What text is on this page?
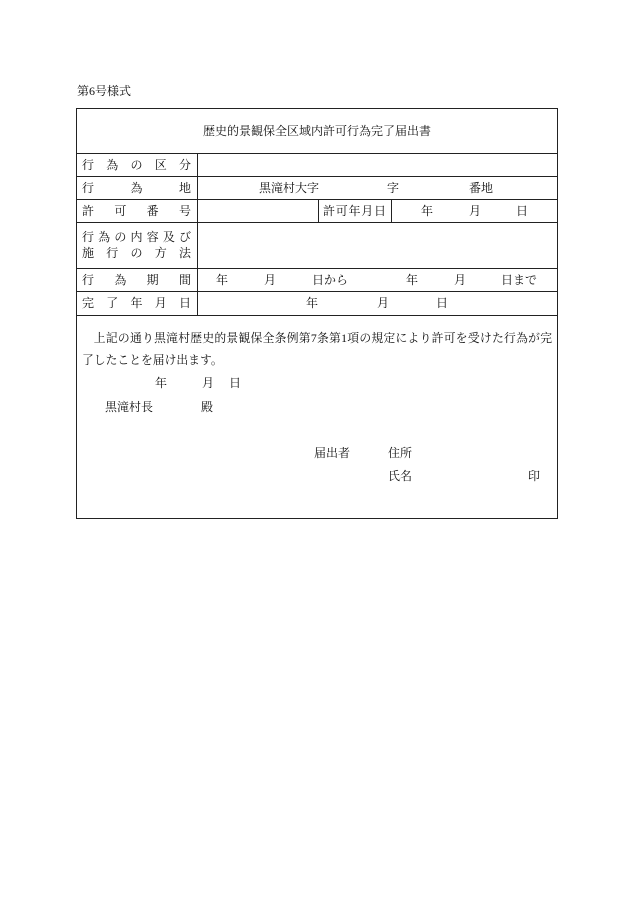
第6号様式
歴史的景観保全区域内許可行為完了届出書
行 為 の 区 分
行 為 地	黒滝村大字	字	番地
許 可 番 号	許可年月日	年	月	日
行 為 の 内 容 及 び
施 行 の 方 法
行 為 期 間 年	月	日から	年	月	日まで
完 了 年 月 日	年	月	日
上記の通り黒滝村歴史的景観保全条例第7条第1項の規定により許可を受けた行為が完了したことを届け出ます。
年	月 日
黒滝村長	殿
届出者	住所
氏名	印
